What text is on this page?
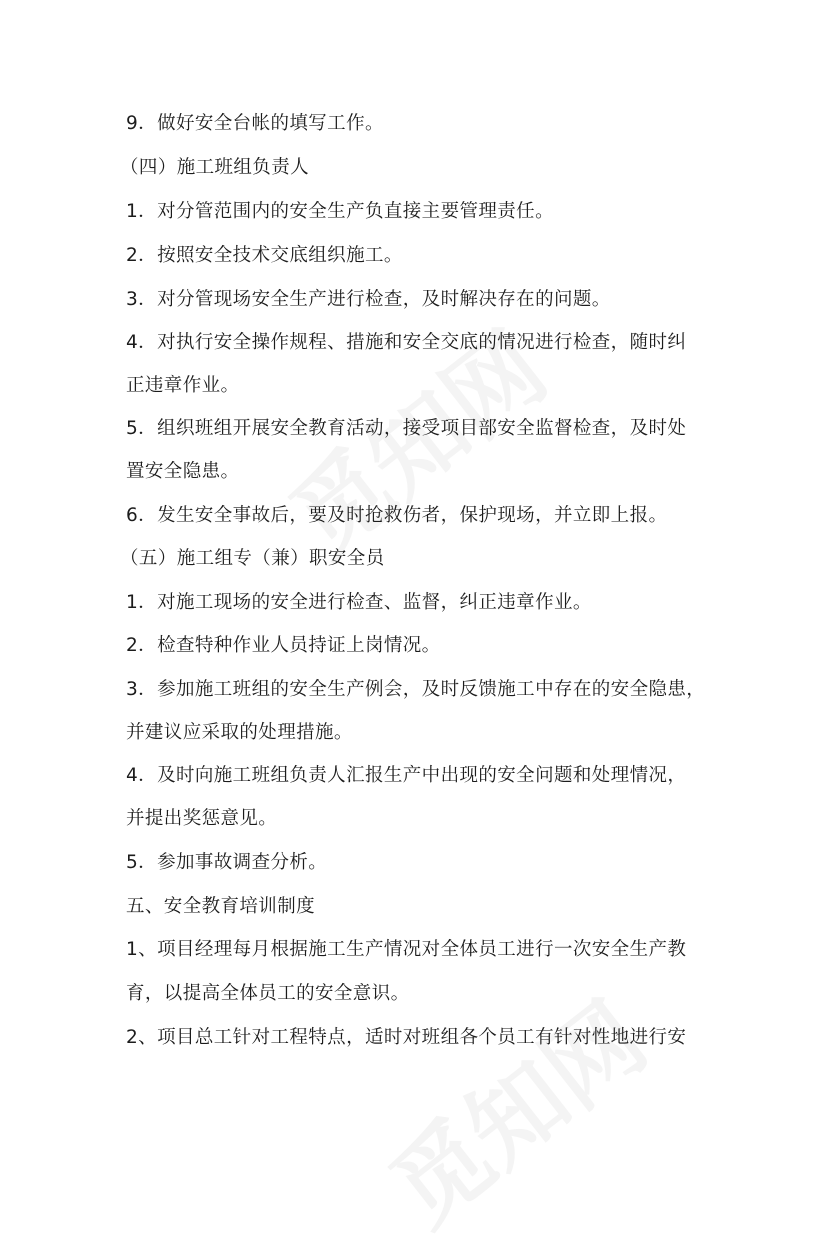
9．做好安全台帐的填写工作。
（四）施工班组负责人
1．对分管范围内的安全生产负直接主要管理责任。
2．按照安全技术交底组织施工。
3．对分管现场安全生产进行检查，及时解决存在的问题。
4．对执行安全操作规程、措施和安全交底的情况进行检查，随时纠
正违章作业。
5．组织班组开展安全教育活动，接受项目部安全监督检查，及时处
置安全隐患。
6．发生安全事故后，要及时抢救伤者，保护现场，并立即上报。
（五）施工组专（兼）职安全员
1．对施工现场的安全进行检查、监督，纠正违章作业。
2．检查特种作业人员持证上岗情况。
3．参加施工班组的安全生产例会，及时反馈施工中存在的安全隐患，
并建议应采取的处理措施。
4．及时向施工班组负责人汇报生产中出现的安全问题和处理情况，
并提出奖惩意见。
5．参加事故调查分析。
五、安全教育培训制度
1、项目经理每月根据施工生产情况对全体员工进行一次安全生产教
育，以提高全体员工的安全意识。
2、项目总工针对工程特点，适时对班组各个员工有针对性地进行安
